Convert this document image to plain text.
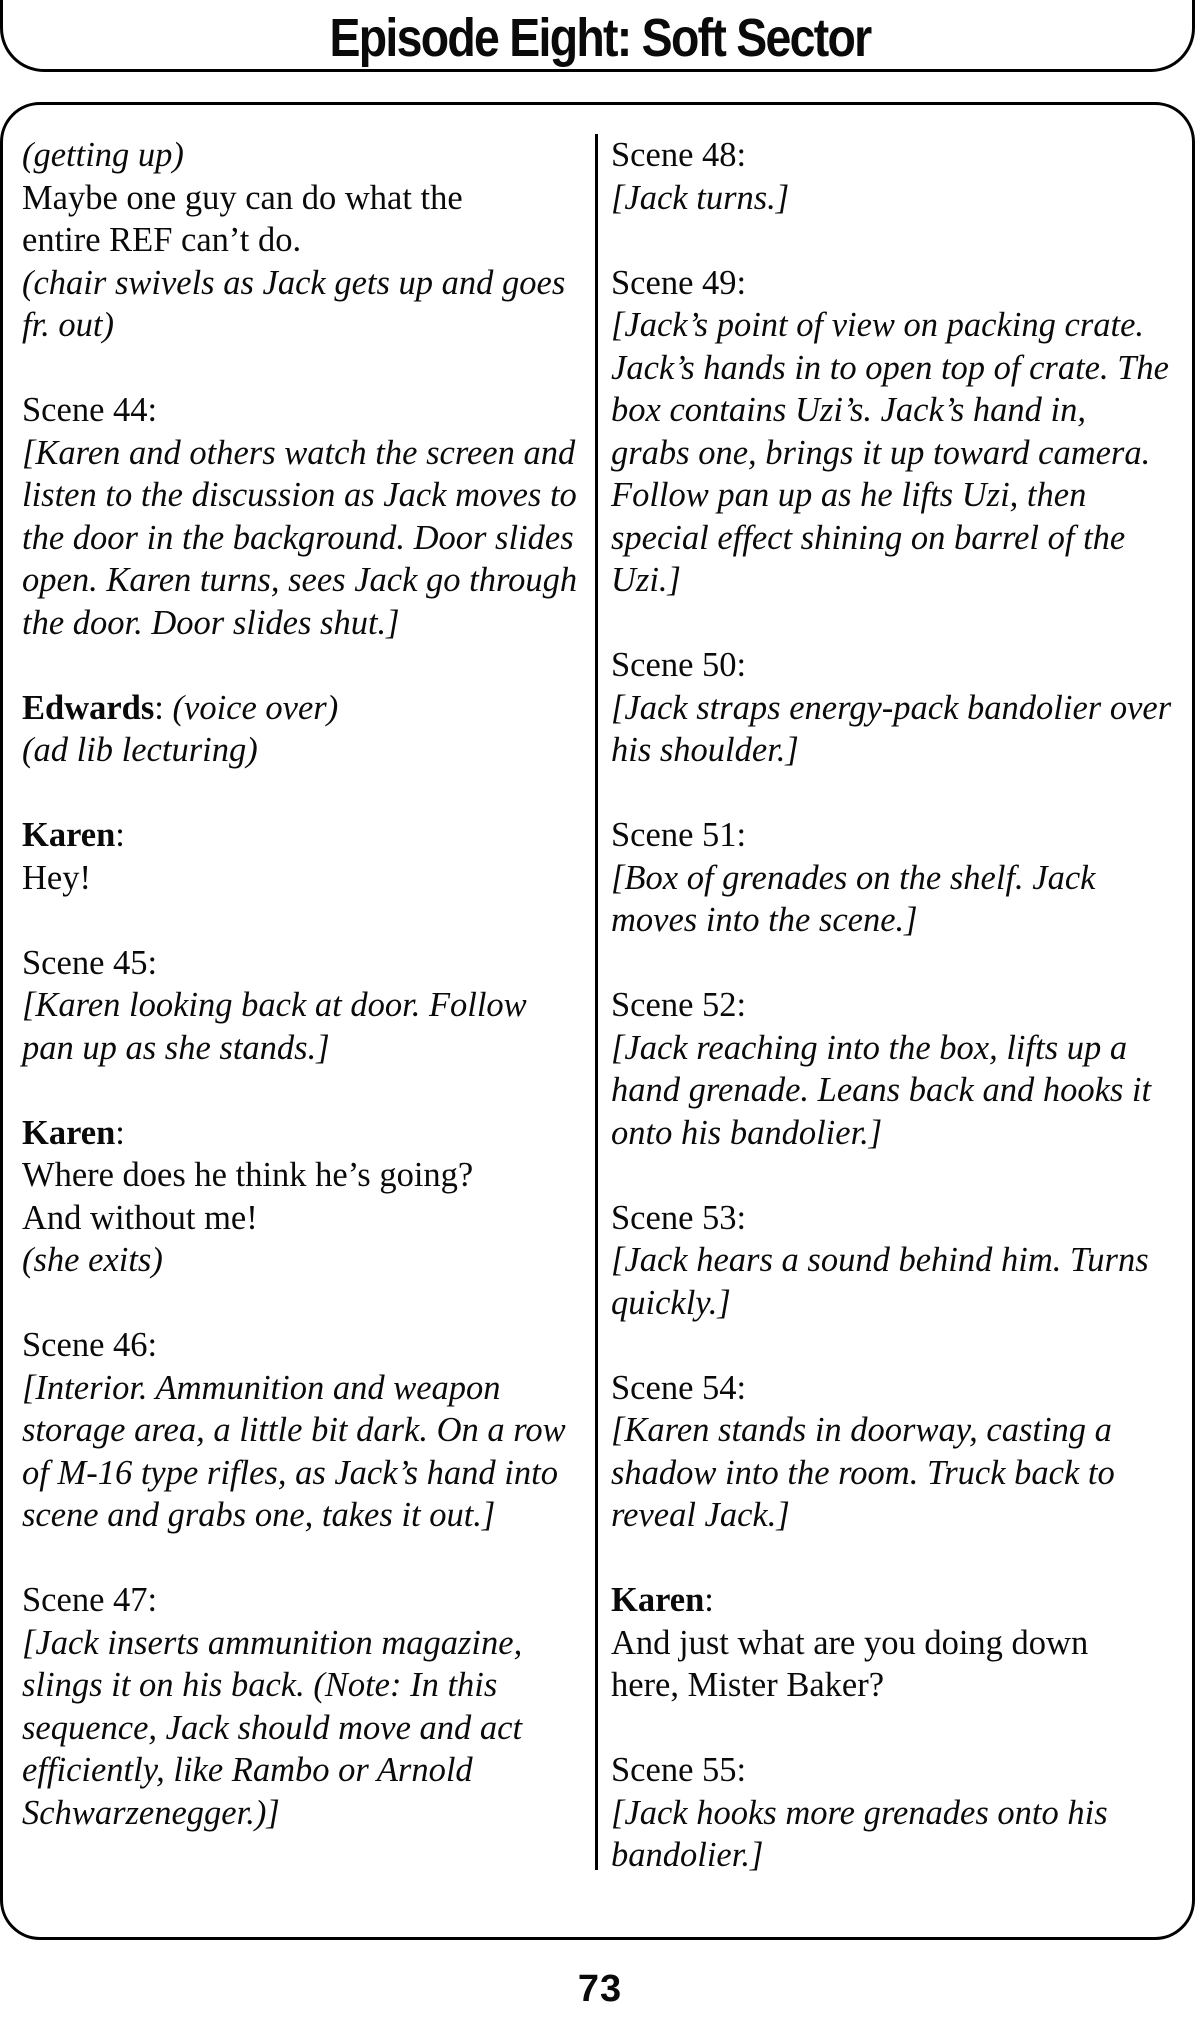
Episode Eight: Soft Sector
(getting up)
Maybe one guy can do what the
entire REF can’t do.
(chair swivels as Jack gets up and goes
fr. out)
Scene 44:
[Karen and others watch the screen and
listen to the discussion as Jack moves to
the door in the background. Door slides
open. Karen turns, sees Jack go through
the door. Door slides shut.]
Edwards: (voice over)
(ad lib lecturing)
Karen:
Hey!
Scene 45:
[Karen looking back at door. Follow
pan up as she stands.]
Karen:
Where does he think he’s going?
And without me!
(she exits)
Scene 46:
[Interior. Ammunition and weapon
storage area, a little bit dark. On a row
of M-16 type rifles, as Jack’s hand into
scene and grabs one, takes it out.]
Scene 47:
[Jack inserts ammunition magazine,
slings it on his back. (Note: In this
sequence, Jack should move and act
efficiently, like Rambo or Arnold
Schwarzenegger.)]
Scene 48:
[Jack turns.]
Scene 49:
[Jack’s point of view on packing crate.
Jack’s hands in to open top of crate. The
box contains Uzi’s. Jack’s hand in,
grabs one, brings it up toward camera.
Follow pan up as he lifts Uzi, then
special effect shining on barrel of the
Uzi.]
Scene 50:
[Jack straps energy-pack bandolier over
his shoulder.]
Scene 51:
[Box of grenades on the shelf. Jack
moves into the scene.]
Scene 52:
[Jack reaching into the box, lifts up a
hand grenade. Leans back and hooks it
onto his bandolier.]
Scene 53:
[Jack hears a sound behind him. Turns
quickly.]
Scene 54:
[Karen stands in doorway, casting a
shadow into the room. Truck back to
reveal Jack.]
Karen:
And just what are you doing down
here, Mister Baker?
Scene 55:
[Jack hooks more grenades onto his
bandolier.]
73
